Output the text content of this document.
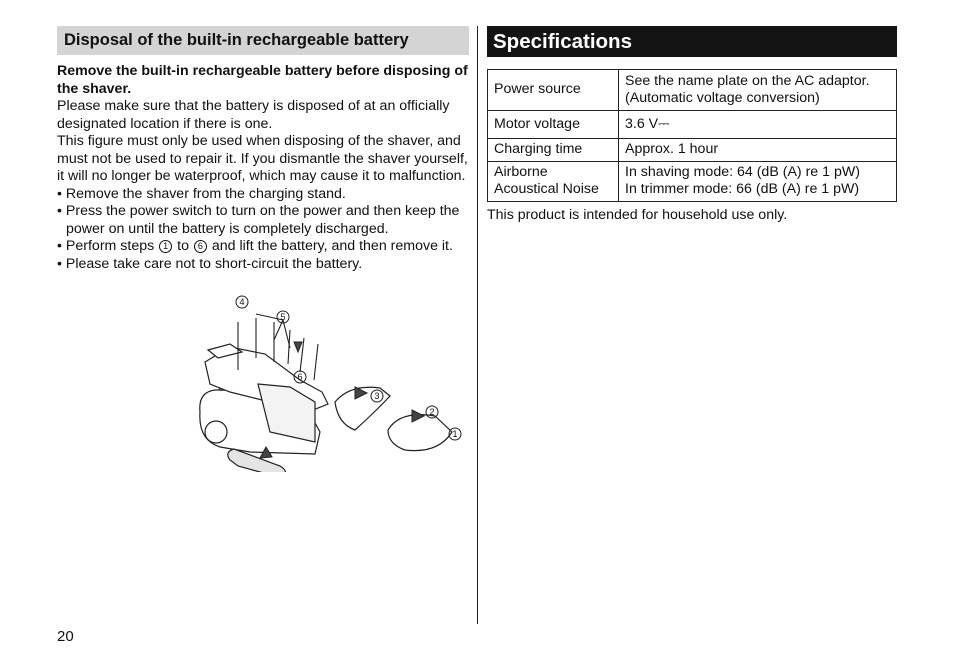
Disposal of the built-in rechargeable battery

Remove the built-in rechargeable battery before disposing of the shaver.

Please make sure that the battery is disposed of at an officially designated location if there is one.

This figure must only be used when disposing of the shaver, and must not be used to repair it. If you dismantle the shaver yourself, it will no longer be waterproof, which may cause it to malfunction.

• Remove the shaver from the charging stand.
• Press the power switch to turn on the power and then keep the power on until the battery is completely discharged.
• Perform steps 1 to 6 and lift the battery, and then remove it.
• Please take care not to short-circuit the battery.
4
5
6
3
2
1
Specifications
Power source	See the name plate on the AC adaptor.
(Automatic voltage conversion)
Motor voltage	3.6 V⎓
Charging time	Approx. 1 hour
Airborne
Acoustical Noise	In shaving mode: 64 (dB (A) re 1 pW)
In trimmer mode: 66 (dB (A) re 1 pW)
This product is intended for household use only.
20
